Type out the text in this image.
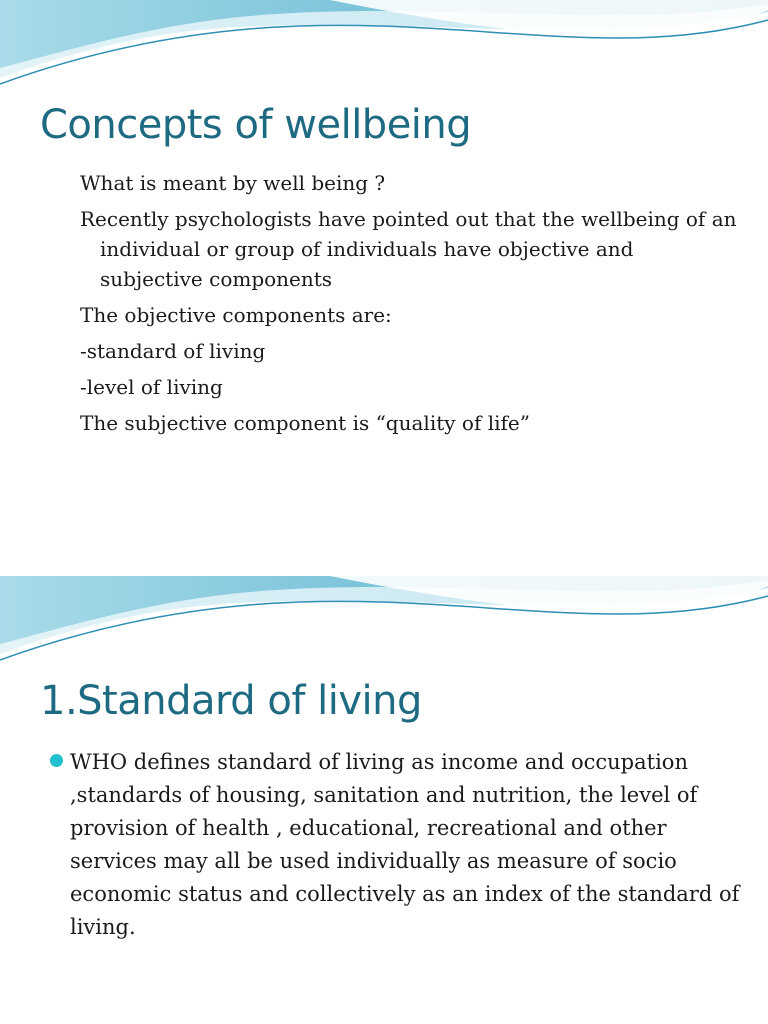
Concepts of wellbeing

What is meant by well being ?

Recently psychologists have pointed out that the wellbeing of an individual or group of individuals have objective and subjective components

The objective components are:

-standard of living

-level of living

The subjective component is “quality of life”

1.Standard of living
WHO defines standard of living as income and occupation ,standards of housing, sanitation and nutrition, the level of provision of health , educational, recreational and other services may all be used individually as measure of socio economic status and collectively as an index of the standard of living.
